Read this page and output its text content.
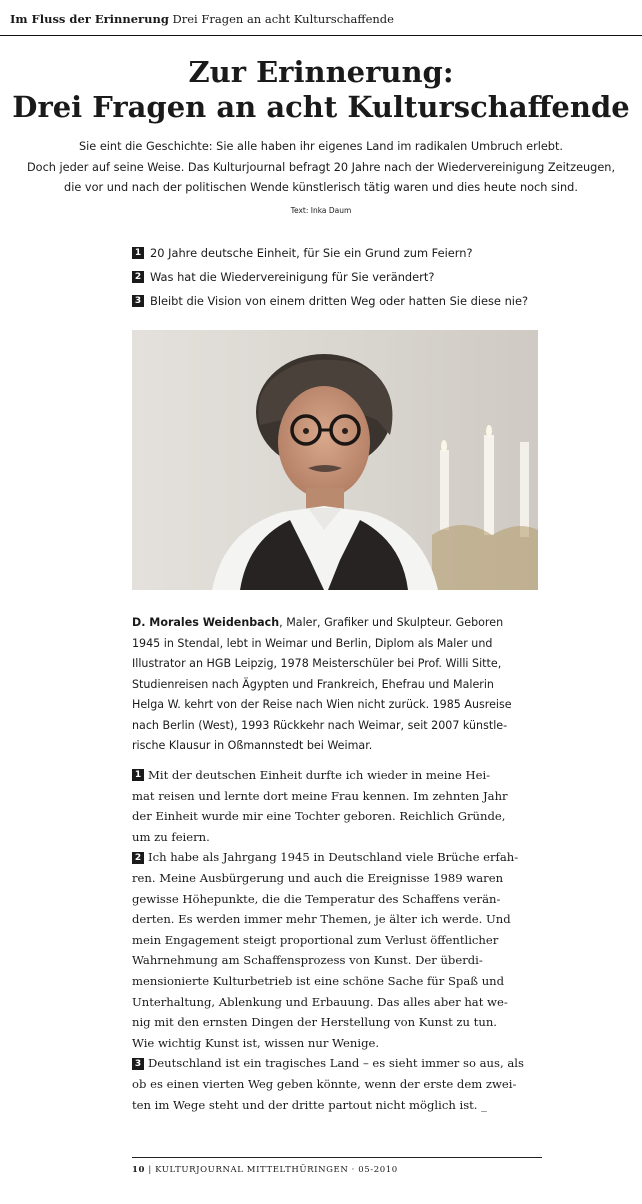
Im Fluss der Erinnerung Drei Fragen an acht Kulturschaffende
Zur Erinnerung:
Drei Fragen an acht Kulturschaffende
Sie eint die Geschichte: Sie alle haben ihr eigenes Land im radikalen Umbruch erlebt.
Doch jeder auf seine Weise. Das Kulturjournal befragt 20 Jahre nach der Wiedervereinigung Zeitzeugen,
die vor und nach der politischen Wende künstlerisch tätig waren und dies heute noch sind.
Text: Inka Daum
1 20 Jahre deutsche Einheit, für Sie ein Grund zum Feiern?
2 Was hat die Wiedervereinigung für Sie verändert?
3 Bleibt die Vision von einem dritten Weg oder hatten Sie diese nie?
D. Morales Weidenbach, Maler, Grafiker und Skulpteur. Geboren
1945 in Stendal, lebt in Weimar und Berlin, Diplom als Maler und
Illustrator an HGB Leipzig, 1978 Meisterschüler bei Prof. Willi Sitte,
Studienreisen nach Ägypten und Frankreich, Ehefrau und Malerin
Helga W. kehrt von der Reise nach Wien nicht zurück. 1985 Ausreise
nach Berlin (West), 1993 Rückkehr nach Weimar, seit 2007 künstle-
rische Klausur in Oßmannstedt bei Weimar.
1 Mit der deutschen Einheit durfte ich wieder in meine Hei-
mat reisen und lernte dort meine Frau kennen. Im zehnten Jahr
der Einheit wurde mir eine Tochter geboren. Reichlich Gründe,
um zu feiern.
2 Ich habe als Jahrgang 1945 in Deutschland viele Brüche erfah-
ren. Meine Ausbürgerung und auch die Ereignisse 1989 waren
gewisse Höhepunkte, die die Temperatur des Schaffens verän-
derten. Es werden immer mehr Themen, je älter ich werde. Und
mein Engagement steigt proportional zum Verlust öffentlicher
Wahrnehmung am Schaffensprozess von Kunst. Der überdi-
mensionierte Kulturbetrieb ist eine schöne Sache für Spaß und
Unterhaltung, Ablenkung und Erbauung. Das alles aber hat we-
nig mit den ernsten Dingen der Herstellung von Kunst zu tun.
Wie wichtig Kunst ist, wissen nur Wenige.
3 Deutschland ist ein tragisches Land – es sieht immer so aus, als
ob es einen vierten Weg geben könnte, wenn der erste dem zwei-
ten im Wege steht und der dritte partout nicht möglich ist. _
10 | KULTURJOURNAL MITTELTHÜRINGEN · 05-2010
